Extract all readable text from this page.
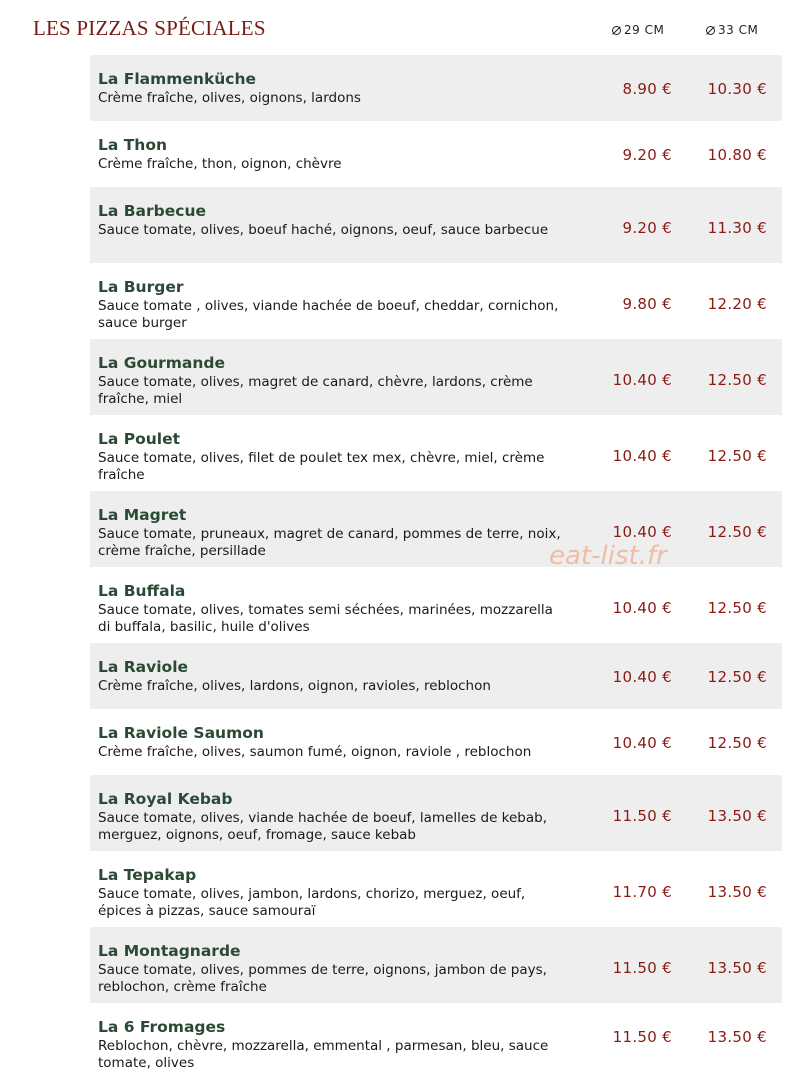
LES PIZZAS SPÉCIALES	29 CM	33 CM
La Flammenküche
Crème fraîche, olives, oignons, lardons	8.90 € 10.30 €
La Thon
Crème fraîche, thon, oignon, chèvre	9.20 € 10.80 €
La Barbecue
Sauce tomate, olives, boeuf haché, oignons, oeuf, sauce barbecue	9.20 € 11.30 €
La Burger
Sauce tomate , olives, viande hachée de boeuf, cheddar, cornichon, sauce burger
9.80 € 12.20 €
La Gourmande
Sauce tomate, olives, magret de canard, chèvre, lardons, crème fraîche, miel
10.40 € 12.50 €
La Poulet
Sauce tomate, olives, filet de poulet tex mex, chèvre, miel, crème fraîche
10.40 € 12.50 €
La Magret
Sauce tomate, pruneaux, magret de canard, pommes de terre, noix, crème fraîche, persillade
10.40 € 12.50 €
La Buffala
Sauce tomate, olives, tomates semi séchées, marinées, mozzarella di buffala, basilic, huile d'olives
10.40 € 12.50 €
La Raviole
Crème fraîche, olives, lardons, oignon, ravioles, reblochon	10.40 € 12.50 €
La Raviole Saumon
Crème fraîche, olives, saumon fumé, oignon, raviole , reblochon	10.40 € 12.50 €
La Royal Kebab
Sauce tomate, olives, viande hachée de boeuf, lamelles de kebab, merguez, oignons, oeuf, fromage, sauce kebab
11.50 € 13.50 €
La Tepakap
Sauce tomate, olives, jambon, lardons, chorizo, merguez, oeuf, épices à pizzas, sauce samouraï
11.70 € 13.50 €
La Montagnarde
Sauce tomate, olives, pommes de terre, oignons, jambon de pays, reblochon, crème fraîche
11.50 € 13.50 €
La 6 Fromages
Reblochon, chèvre, mozzarella, emmental , parmesan, bleu, sauce tomate, olives
11.50 € 13.50 €
eat-list.fr
